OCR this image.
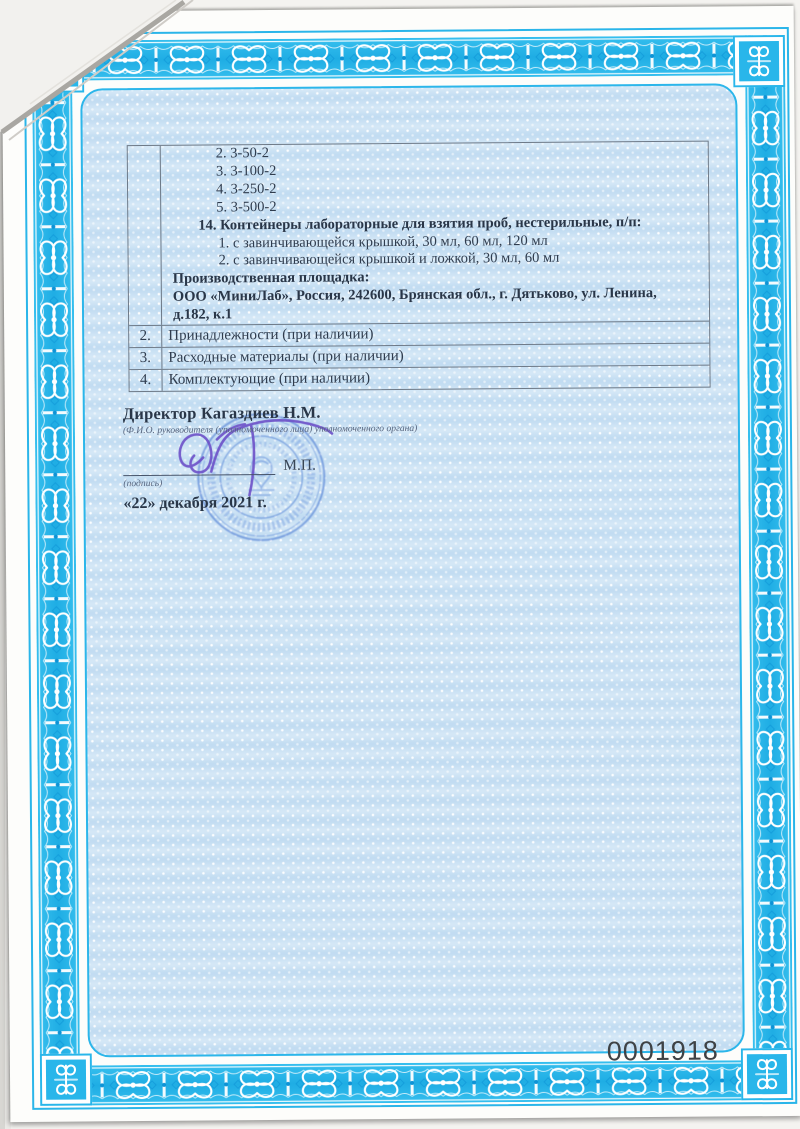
2. 3-50-2
3. 3-100-2
4. 3-250-2
5. 3-500-2
14. Контейнеры лабораторные для взятия проб, нестерильные, п/п:
1. с завинчивающейся крышкой, 30 мл, 60 мл, 120 мл
2. с завинчивающейся крышкой и ложкой, 30 мл, 60 мл
Производственная площадка:
ООО «МиниЛаб», Россия, 242600, Брянская обл., г. Дятьково, ул. Ленина,
д.182, к.1
2.	Принадлежности (при наличии)
3.	Расходные материалы (при наличии)
4.	Комплектующие (при наличии)
Директор Кагаздиев Н.М.
(Ф.И.О. руководителя (уполномоченного лица) уполномоченного органа)
М.П.
(подпись)
«22» декабря 2021 г.
0001918
